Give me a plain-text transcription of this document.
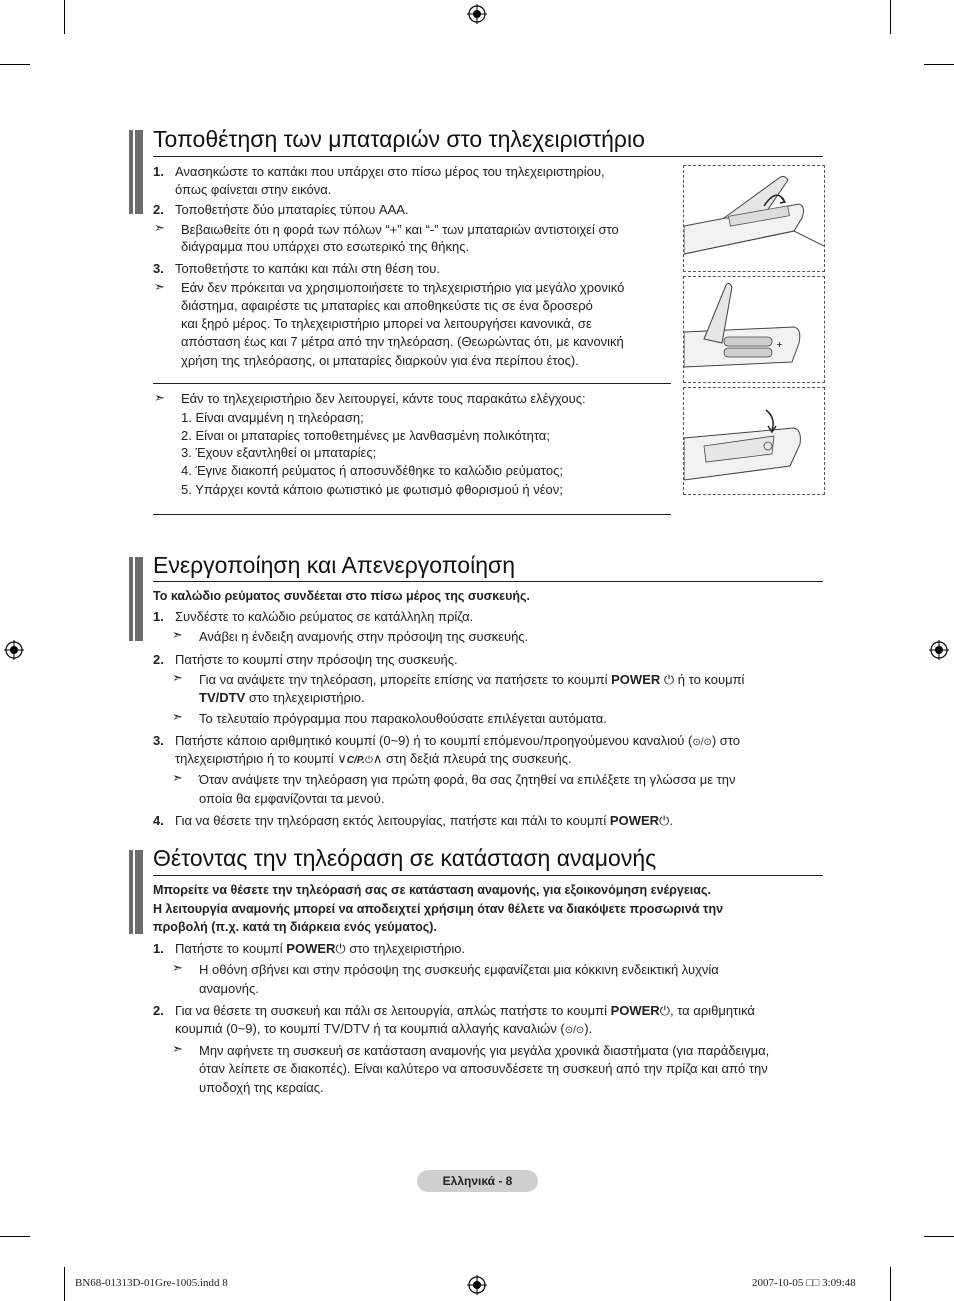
Τοποθέτηση των μπαταριών στο τηλεχειριστήριο
1. Ανασηκώστε το καπάκι που υπάρχει στο πίσω μέρος του τηλεχειριστηρίου,
όπως φαίνεται στην εικόνα.
2. Τοποθετήστε δύο μπαταρίες τύπου AAA.
➣ Βεβαιωθείτε ότι η φορά των πόλων “+” και “-” των μπαταριών αντιστοιχεί στο
διάγραμμα που υπάρχει στο εσωτερικό της θήκης.
3. Τοποθετήστε το καπάκι και πάλι στη θέση του.
➣ Εάν δεν πρόκειται να χρησιμοποιήσετε το τηλεχειριστήριο για μεγάλο χρονικό
διάστημα, αφαιρέστε τις μπαταρίες και αποθηκεύστε τις σε ένα δροσερό
και ξηρό μέρος. Το τηλεχειριστήριο μπορεί να λειτουργήσει κανονικά, σε
απόσταση έως και 7 μέτρα από την τηλεόραση. (Θεωρώντας ότι, με κανονική
χρήση της τηλεόρασης, οι μπαταρίες διαρκούν για ένα περίπου έτος).
➣ Εάν το τηλεχειριστήριο δεν λειτουργεί, κάντε τους παρακάτω ελέγχους:
1. Είναι αναμμένη η τηλεόραση;
2. Είναι οι μπαταρίες τοποθετημένες με λανθασμένη πολικότητα;
3. Έχουν εξαντληθεί οι μπαταρίες;
4. Έγινε διακοπή ρεύματος ή αποσυνδέθηκε το καλώδιο ρεύματος;
5. Υπάρχει κοντά κάποιο φωτιστικό με φωτισμό φθορισμού ή νέον;
+
Ενεργοποίηση και Απενεργοποίηση
Το καλώδιο ρεύματος συνδέεται στο πίσω μέρος της συσκευής.
1. Συνδέστε το καλώδιο ρεύματος σε κατάλληλη πρίζα.
➣ Ανάβει η ένδειξη αναμονής στην πρόσοψη της συσκευής.
2. Πατήστε το κουμπί στην πρόσοψη της συσκευής.
➣ Για να ανάψετε την τηλεόραση, μπορείτε επίσης να πατήσετε το κουμπί POWER ⏻ ή το κουμπί
TV/DTV στο τηλεχειριστήριο.
➣ Το τελευταίο πρόγραμμα που παρακολουθούσατε επιλέγεται αυτόματα.
3. Πατήστε κάποιο αριθμητικό κουμπί (0~9) ή το κουμπί επόμενου/προηγούμενου καναλιού (⊙/⊙) στο
τηλεχειριστήριο ή το κουμπί ∨C/P.⏻∧ στη δεξιά πλευρά της συσκευής.
➣ Όταν ανάψετε την τηλεόραση για πρώτη φορά, θα σας ζητηθεί να επιλέξετε τη γλώσσα με την
οποία θα εμφανίζονται τα μενού.
4. Για να θέσετε την τηλεόραση εκτός λειτουργίας, πατήστε και πάλι το κουμπί POWER⏻.
Θέτοντας την τηλεόραση σε κατάσταση αναμονής
Μπορείτε να θέσετε την τηλεόρασή σας σε κατάσταση αναμονής, για εξοικονόμηση ενέργειας.
Η λειτουργία αναμονής μπορεί να αποδειχτεί χρήσιμη όταν θέλετε να διακόψετε προσωρινά την
προβολή (π.χ. κατά τη διάρκεια ενός γεύματος).
1. Πατήστε το κουμπί POWER⏻ στο τηλεχειριστήριο.
➣ Η οθόνη σβήνει και στην πρόσοψη της συσκευής εμφανίζεται μια κόκκινη ενδεικτική λυχνία
αναμονής.
2. Για να θέσετε τη συσκευή και πάλι σε λειτουργία, απλώς πατήστε το κουμπί POWER⏻, τα αριθμητικά
κουμπιά (0~9), το κουμπί TV/DTV ή τα κουμπιά αλλαγής καναλιών (⊙/⊙).
➣ Μην αφήνετε τη συσκευή σε κατάσταση αναμονής για μεγάλα χρονικά διαστήματα (για παράδειγμα,
όταν λείπετε σε διακοπές). Είναι καλύτερο να αποσυνδέσετε τη συσκευή από την πρίζα και από την
υποδοχή της κεραίας.
Ελληνικά - 8
BN68-01313D-01Gre-1005.indd 8	2007-10-05 □□ 3:09:48
